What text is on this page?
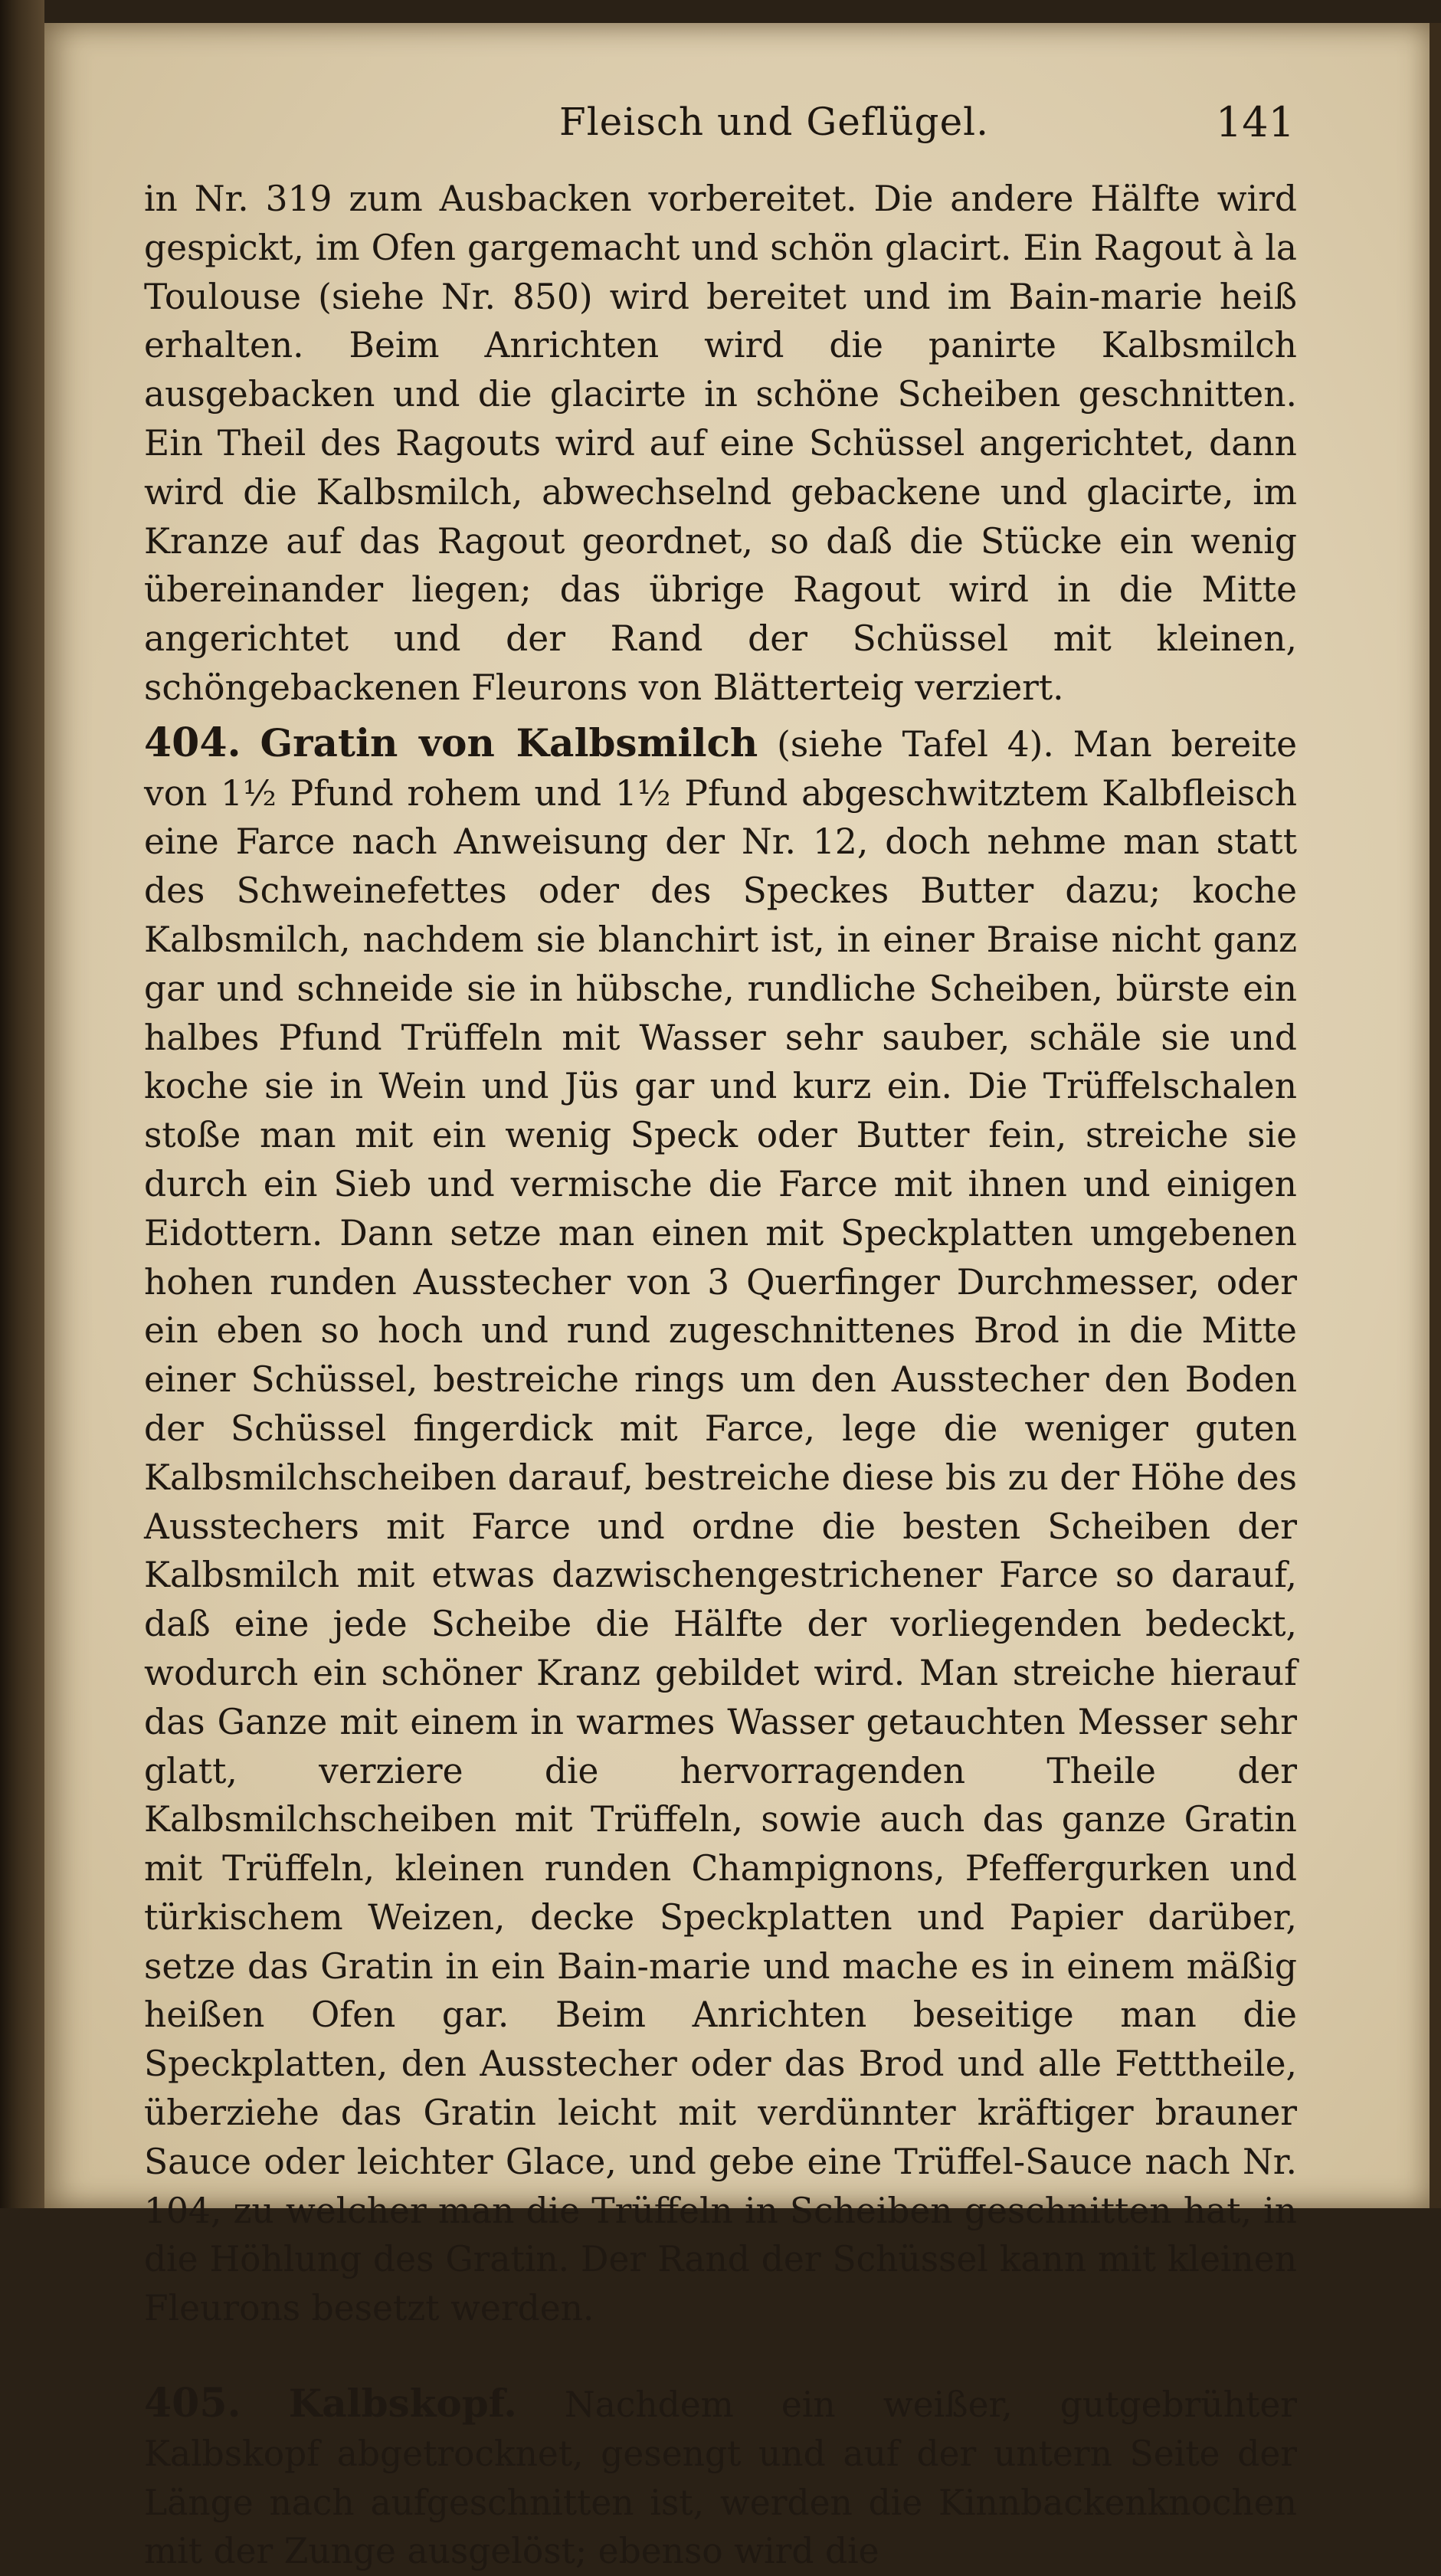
Fleisch und Geflügel.	141

in Nr. 319 zum Ausbacken vorbereitet. Die andere Hälfte wird gespickt, im Ofen gargemacht und schön glacirt. Ein Ragout à la Toulouse (siehe Nr. 850) wird bereitet und im Bain-marie heiß erhalten. Beim Anrichten wird die panirte Kalbsmilch ausgebacken und die glacirte in schöne Scheiben geschnitten. Ein Theil des Ragouts wird auf eine Schüssel angerichtet, dann wird die Kalbsmilch, abwechselnd gebackene und glacirte, im Kranze auf das Ragout geordnet, so daß die Stücke ein wenig übereinander liegen; das übrige Ragout wird in die Mitte angerichtet und der Rand der Schüssel mit kleinen, schöngebackenen Fleurons von Blätterteig verziert.

404. Gratin von Kalbsmilch (siehe Tafel 4). Man bereite von 1½ Pfund rohem und 1½ Pfund abgeschwitztem Kalbfleisch eine Farce nach Anweisung der Nr. 12, doch nehme man statt des Schweinefettes oder des Speckes Butter dazu; koche Kalbsmilch, nachdem sie blanchirt ist, in einer Braise nicht ganz gar und schneide sie in hübsche, rundliche Scheiben, bürste ein halbes Pfund Trüffeln mit Wasser sehr sauber, schäle sie und koche sie in Wein und Jüs gar und kurz ein. Die Trüffelschalen stoße man mit ein wenig Speck oder Butter fein, streiche sie durch ein Sieb und vermische die Farce mit ihnen und einigen Eidottern. Dann setze man einen mit Speckplatten umgebenen hohen runden Ausstecher von 3 Querfinger Durchmesser, oder ein eben so hoch und rund zugeschnittenes Brod in die Mitte einer Schüssel, bestreiche rings um den Ausstecher den Boden der Schüssel fingerdick mit Farce, lege die weniger guten Kalbsmilchscheiben darauf, bestreiche diese bis zu der Höhe des Ausstechers mit Farce und ordne die besten Scheiben der Kalbsmilch mit etwas dazwischengestrichener Farce so darauf, daß eine jede Scheibe die Hälfte der vorliegenden bedeckt, wodurch ein schöner Kranz gebildet wird. Man streiche hierauf das Ganze mit einem in warmes Wasser getauchten Messer sehr glatt, verziere die hervorragenden Theile der Kalbsmilchscheiben mit Trüffeln, sowie auch das ganze Gratin mit Trüffeln, kleinen runden Champignons, Pfeffergurken und türkischem Weizen, decke Speckplatten und Papier darüber, setze das Gratin in ein Bain-marie und mache es in einem mäßig heißen Ofen gar. Beim Anrichten beseitige man die Speckplatten, den Ausstecher oder das Brod und alle Fetttheile, überziehe das Gratin leicht mit verdünnter kräftiger brauner Sauce oder leichter Glace, und gebe eine Trüffel-Sauce nach Nr. 104, zu welcher man die Trüffeln in Scheiben geschnitten hat, in die Höhlung des Gratin. Der Rand der Schüssel kann mit kleinen Fleurons besetzt werden.

405. Kalbskopf. Nachdem ein weißer, gutgebrühter Kalbskopf abgetrocknet, gesengt und auf der untern Seite der Länge nach aufgeschnitten ist, werden die Kinnbackenknochen mit der Zunge ausgelöst; ebenso wird die
